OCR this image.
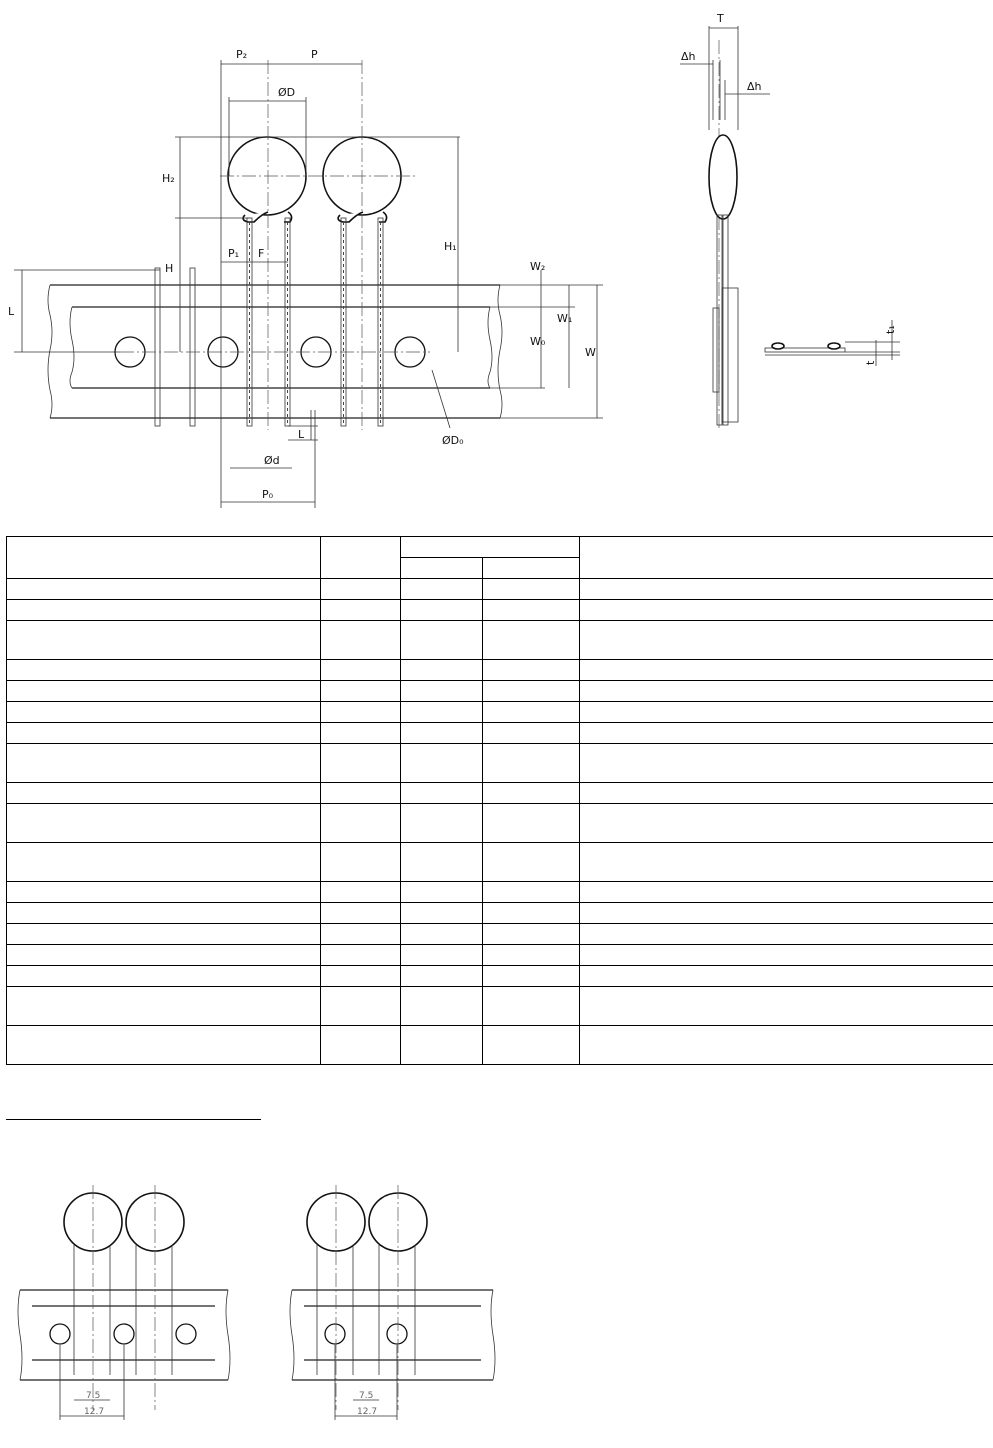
P₂	P
ØD
H₂
H₁
H
P₁ F
L
W₂
W₁
W₀
W
Ød
ØD₀
L
P₀
T
Δh
Δh
t₁
t
7.5
12.7
7.5
12.7
